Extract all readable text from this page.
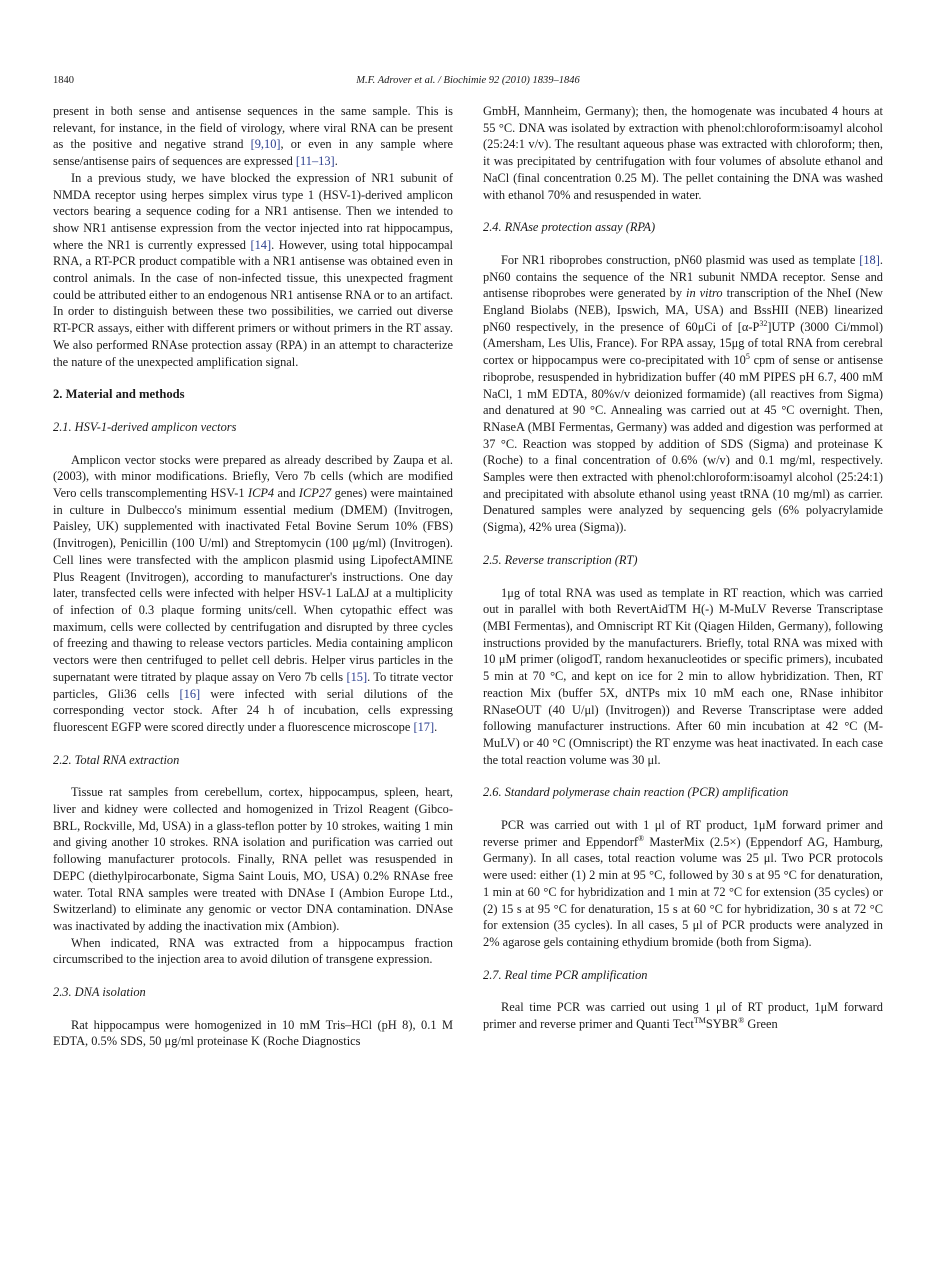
1840	M.F. Adrover et al. / Biochimie 92 (2010) 1839–1846

present in both sense and antisense sequences in the same sample. This is relevant, for instance, in the field of virology, where viral RNA can be present as the positive and negative strand [9,10], or even in any sample where sense/antisense pairs of sequences are expressed [11–13].

In a previous study, we have blocked the expression of NR1 subunit of NMDA receptor using herpes simplex virus type 1 (HSV-1)-derived amplicon vectors bearing a sequence coding for a NR1 antisense. Then we intended to show NR1 antisense expression from the vector injected into rat hippocampus, where the NR1 is currently expressed [14]. However, using total hippocampal RNA, a RT-PCR product compatible with a NR1 antisense was obtained even in control animals. In the case of non-infected tissue, this unexpected fragment could be attributed either to an endogenous NR1 antisense RNA or to an artifact. In order to distinguish between these two possibilities, we carried out diverse RT-PCR assays, either with different primers or without primers in the RT assay. We also performed RNAse protection assay (RPA) in an attempt to characterize the nature of the unexpected amplification signal.

2. Material and methods
2.1. HSV-1-derived amplicon vectors

Amplicon vector stocks were prepared as already described by Zaupa et al. (2003), with minor modifications. Briefly, Vero 7b cells (which are modified Vero cells transcomplementing HSV-1 ICP4 and ICP27 genes) were maintained in culture in Dulbecco's minimum essential medium (DMEM) (Invitrogen, Paisley, UK) supplemented with inactivated Fetal Bovine Serum 10% (FBS) (Invitrogen), Penicillin (100 U/ml) and Streptomycin (100 μg/ml) (Invitrogen). Cell lines were transfected with the amplicon plasmid using LipofectAMINE Plus Reagent (Invitrogen), according to manufacturer's instructions. One day later, transfected cells were infected with helper HSV-1 LaLΔJ at a multiplicity of infection of 0.3 plaque forming units/cell. When cytopathic effect was maximum, cells were collected by centrifugation and disrupted by three cycles of freezing and thawing to release vectors particles. Media containing amplicon vectors were then centrifuged to pellet cell debris. Helper virus particles in the supernatant were titrated by plaque assay on Vero 7b cells [15]. To titrate vector particles, Gli36 cells [16] were infected with serial dilutions of the corresponding vector stock. After 24 h of incubation, cells expressing fluorescent EGFP were scored directly under a fluorescence microscope [17].

2.2. Total RNA extraction

Tissue rat samples from cerebellum, cortex, hippocampus, spleen, heart, liver and kidney were collected and homogenized in Trizol Reagent (Gibco-BRL, Rockville, Md, USA) in a glass-teflon potter by 10 strokes, waiting 1 min and giving another 10 strokes. RNA isolation and purification was carried out following manufacturer protocols. Finally, RNA pellet was resuspended in DEPC (diethylpirocarbonate, Sigma Saint Louis, MO, USA) 0.2% RNAse free water. Total RNA samples were treated with DNAse I (Ambion Europe Ltd., Switzerland) to eliminate any genomic or vector DNA contamination. DNAse was inactivated by adding the inactivation mix (Ambion).

When indicated, RNA was extracted from a hippocampus fraction circumscribed to the injection area to avoid dilution of transgene expression.

2.3. DNA isolation

Rat hippocampus were homogenized in 10 mM Tris–HCl (pH 8), 0.1 M EDTA, 0.5% SDS, 50 μg/ml proteinase K (Roche Diagnostics

GmbH, Mannheim, Germany); then, the homogenate was incubated 4 hours at 55 °C. DNA was isolated by extraction with phenol:chloroform:isoamyl alcohol (25:24:1 v/v). The resultant aqueous phase was extracted with chloroform; then, it was precipitated by centrifugation with four volumes of absolute ethanol and NaCl (final concentration 0.25 M). The pellet containing the DNA was washed with ethanol 70% and resuspended in water.

2.4. RNAse protection assay (RPA)

For NR1 riboprobes construction, pN60 plasmid was used as template [18]. pN60 contains the sequence of the NR1 subunit NMDA receptor. Sense and antisense riboprobes were generated by in vitro transcription of the NheI (New England Biolabs (NEB), Ipswich, MA, USA) and BssHII (NEB) linearized pN60 respectively, in the presence of 60μCi of $[\alpha-P^{32}]UTP$ (3000 Ci/mmol) (Amersham, Les Ulis, France). For RPA assay, 15μg of total RNA from cerebral cortex or hippocampus were co-precipitated with $10^5$ cpm of sense or antisense riboprobe, resuspended in hybridization buffer (40 mM PIPES pH 6.7, 400 mM NaCl, 1 mM EDTA, 80%v/v deionized formamide) (all reactives from Sigma) and denatured at 90 °C. Annealing was carried out at 45 °C overnight. Then, RNaseA (MBI Fermentas, Germany) was added and digestion was performed at 37 °C. Reaction was stopped by addition of SDS (Sigma) and proteinase K (Roche) to a final concentration of 0.6% (w/v) and 0.1 mg/ml, respectively. Samples were then extracted with phenol:chloroform:isoamyl alcohol (25:24:1) and precipitated with absolute ethanol using yeast tRNA (10 mg/ml) as carrier. Denatured samples were analyzed by sequencing gels (6% polyacrylamide (Sigma), 42% urea (Sigma)).

2.5. Reverse transcription (RT)

1μg of total RNA was used as template in RT reaction, which was carried out in parallel with both RevertAidTM H(-) M-MuLV Reverse Transcriptase (MBI Fermentas), and Omniscript RT Kit (Qiagen Hilden, Germany), following instructions provided by the manufacturers. Briefly, total RNA was mixed with 10 μM primer (oligodT, random hexanucleotides or specific primers), incubated 5 min at 70 °C, and kept on ice for 2 min to allow hybridization. Then, RT reaction Mix (buffer 5X, dNTPs mix 10 mM each one, RNase inhibitor RNaseOUT (40 U/μl) (Invitrogen)) and Reverse Transcriptase were added following manufacturer instructions. After 60 min incubation at 42 °C (M-MuLV) or 40 °C (Omniscript) the RT enzyme was heat inactivated. In each case the total reaction volume was 30 μl.

2.6. Standard polymerase chain reaction (PCR) amplification

PCR was carried out with 1 μl of RT product, 1μM forward primer and reverse primer and Eppendorf® MasterMix (2.5×) (Eppendorf AG, Hamburg, Germany). In all cases, total reaction volume was 25 μl. Two PCR protocols were used: either (1) 2 min at 95 °C, followed by 30 s at 95 °C for denaturation, 1 min at 60 °C for hybridization and 1 min at 72 °C for extension (35 cycles) or (2) 15 s at 95 °C for denaturation, 15 s at 60 °C for hybridization, 30 s at 72 °C for extension (35 cycles). In all cases, 5 μl of PCR products were analyzed in 2% agarose gels containing ethydium bromide (both from Sigma).

2.7. Real time PCR amplification

Real time PCR was carried out using 1 μl of RT product, 1μM forward primer and reverse primer and Quanti Tect™SYBR® Green
